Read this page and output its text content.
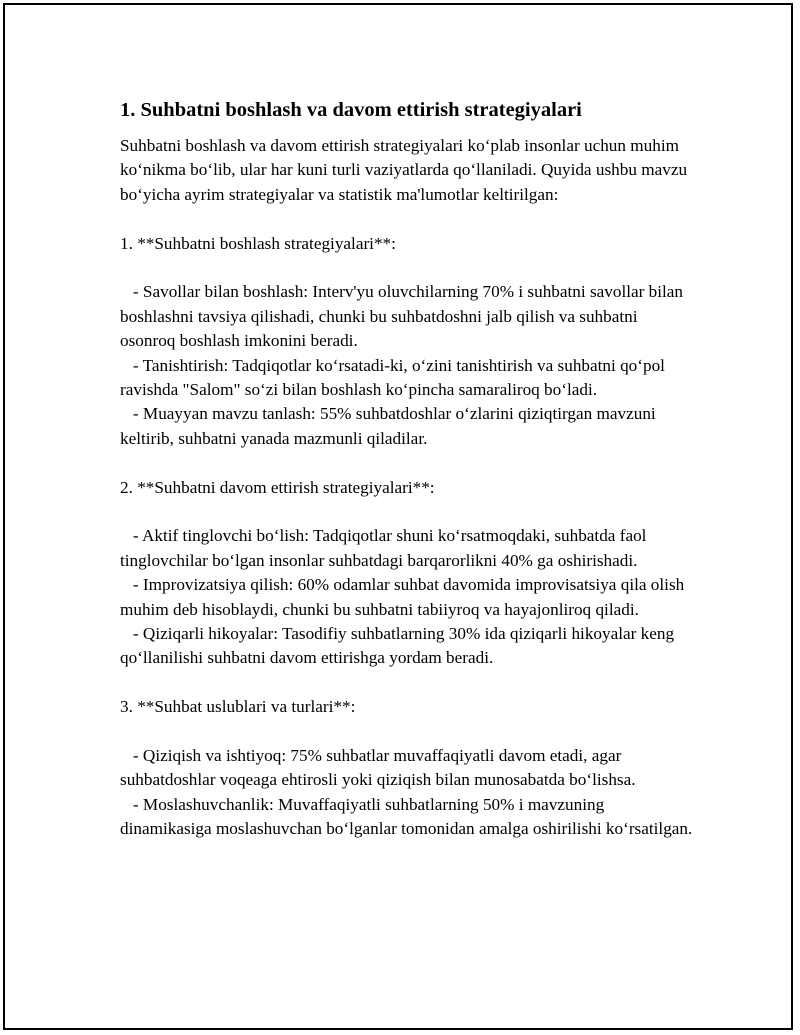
1. Suhbatni boshlash va davom ettirish strategiyalari

Suhbatni boshlash va davom ettirish strategiyalari koʻplab insonlar uchun muhim koʻnikma boʻlib, ular har kuni turli vaziyatlarda qoʻllaniladi. Quyida ushbu mavzu boʻyicha ayrim strategiyalar va statistik ma'lumotlar keltirilgan:

1. **Suhbatni boshlash strategiyalari**:

- Savollar bilan boshlash: Interv'yu oluvchilarning 70% i suhbatni savollar bilan boshlashni tavsiya qilishadi, chunki bu suhbatdoshni jalb qilish va suhbatni osonroq boshlash imkonini beradi.

- Tanishtirish: Tadqiqotlar koʻrsatadi-ki, oʻzini tanishtirish va suhbatni qoʻpol ravishda "Salom" soʻzi bilan boshlash koʻpincha samaraliroq boʻladi.

- Muayyan mavzu tanlash: 55% suhbatdoshlar oʻzlarini qiziqtirgan mavzuni keltirib, suhbatni yanada mazmunli qiladilar.

2. **Suhbatni davom ettirish strategiyalari**:

- Aktif tinglovchi boʻlish: Tadqiqotlar shuni koʻrsatmoqdaki, suhbatda faol tinglovchilar boʻlgan insonlar suhbatdagi barqarorlikni 40% ga oshirishadi.

- Improvizatsiya qilish: 60% odamlar suhbat davomida improvisatsiya qila olish muhim deb hisoblaydi, chunki bu suhbatni tabiiyroq va hayajonliroq qiladi.

- Qiziqarli hikoyalar: Tasodifiy suhbatlarning 30% ida qiziqarli hikoyalar keng qoʻllanilishi suhbatni davom ettirishga yordam beradi.

3. **Suhbat uslublari va turlari**:

- Qiziqish va ishtiyoq: 75% suhbatlar muvaffaqiyatli davom etadi, agar suhbatdoshlar voqeaga ehtirosli yoki qiziqish bilan munosabatda boʻlishsa.

- Moslashuvchanlik: Muvaffaqiyatli suhbatlarning 50% i mavzuning dinamikasiga moslashuvchan boʻlganlar tomonidan amalga oshirilishi koʻrsatilgan.
